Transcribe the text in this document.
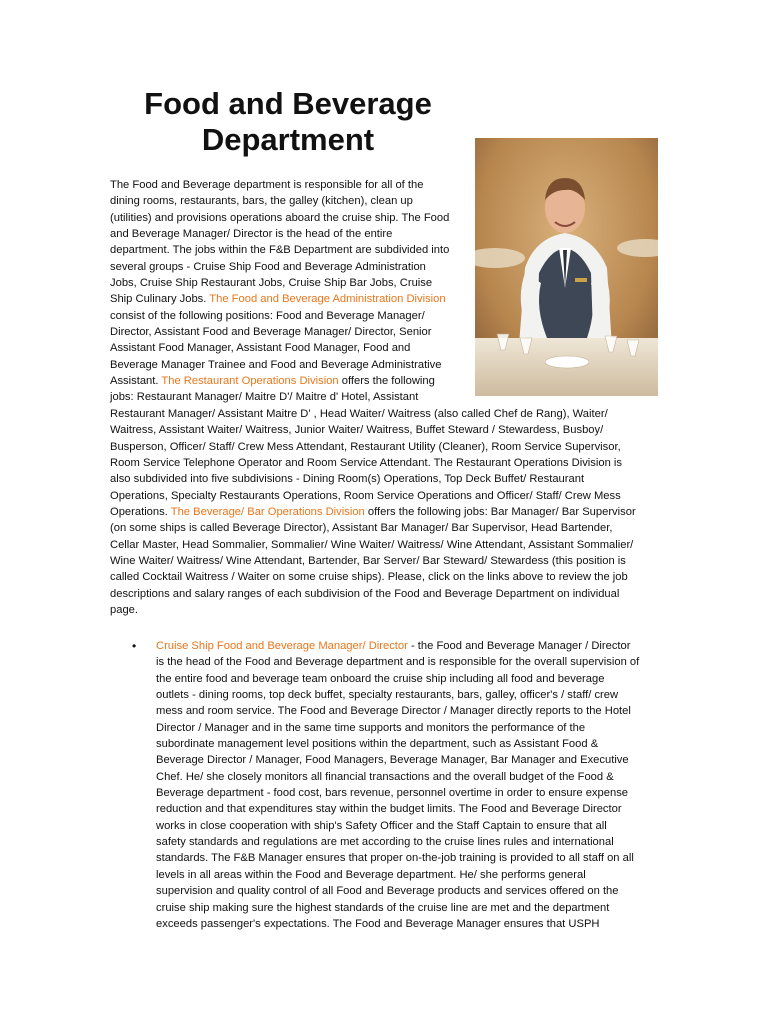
Food and Beverage Department

The Food and Beverage department is responsible for all of the

dining rooms, restaurants, bars, the galley (kitchen), clean up

(utilities) and provisions operations aboard the cruise ship. The Food

and Beverage Manager/ Director is the head of the entire

department. The jobs within the F&B Department are subdivided into

several groups - Cruise Ship Food and Beverage Administration

Jobs, Cruise Ship Restaurant Jobs, Cruise Ship Bar Jobs, Cruise

Ship Culinary Jobs. The Food and Beverage Administration Division

consist of the following positions: Food and Beverage Manager/

Director, Assistant Food and Beverage Manager/ Director, Senior

Assistant Food Manager, Assistant Food Manager, Food and

Beverage Manager Trainee and Food and Beverage Administrative

Assistant. The Restaurant Operations Division offers the following

jobs: Restaurant Manager/ Maitre D'/ Maitre d' Hotel, Assistant

Restaurant Manager/ Assistant Maitre D' , Head Waiter/ Waitress (also called Chef de Rang), Waiter/

Waitress, Assistant Waiter/ Waitress, Junior Waiter/ Waitress, Buffet Steward / Stewardess, Busboy/

Busperson, Officer/ Staff/ Crew Mess Attendant, Restaurant Utility (Cleaner), Room Service Supervisor,

Room Service Telephone Operator and Room Service Attendant. The Restaurant Operations Division is

also subdivided into five subdivisions - Dining Room(s) Operations, Top Deck Buffet/ Restaurant

Operations, Specialty Restaurants Operations, Room Service Operations and Officer/ Staff/ Crew Mess

Operations. The Beverage/ Bar Operations Division offers the following jobs: Bar Manager/ Bar Supervisor

(on some ships is called Beverage Director), Assistant Bar Manager/ Bar Supervisor, Head Bartender,

Cellar Master, Head Sommalier, Sommalier/ Wine Waiter/ Waitress/ Wine Attendant, Assistant Sommalier/

Wine Waiter/ Waitress/ Wine Attendant, Bartender, Bar Server/ Bar Steward/ Stewardess (this position is

called Cocktail Waitress / Waiter on some cruise ships). Please, click on the links above to review the job

descriptions and salary ranges of each subdivision of the Food and Beverage Department on individual

page.

• Cruise Ship Food and Beverage Manager/ Director - the Food and Beverage Manager / Director

is the head of the Food and Beverage department and is responsible for the overall supervision of

the entire food and beverage team onboard the cruise ship including all food and beverage

outlets - dining rooms, top deck buffet, specialty restaurants, bars, galley, officer's / staff/ crew

mess and room service. The Food and Beverage Director / Manager directly reports to the Hotel

Director / Manager and in the same time supports and monitors the performance of the

subordinate management level positions within the department, such as Assistant Food &

Beverage Director / Manager, Food Managers, Beverage Manager, Bar Manager and Executive

Chef. He/ she closely monitors all financial transactions and the overall budget of the Food &

Beverage department - food cost, bars revenue, personnel overtime in order to ensure expense

reduction and that expenditures stay within the budget limits. The Food and Beverage Director

works in close cooperation with ship's Safety Officer and the Staff Captain to ensure that all

safety standards and regulations are met according to the cruise lines rules and international

standards. The F&B Manager ensures that proper on-the-job training is provided to all staff on all

levels in all areas within the Food and Beverage department. He/ she performs general

supervision and quality control of all Food and Beverage products and services offered on the

cruise ship making sure the highest standards of the cruise line are met and the department

exceeds passenger's expectations. The Food and Beverage Manager ensures that USPH
